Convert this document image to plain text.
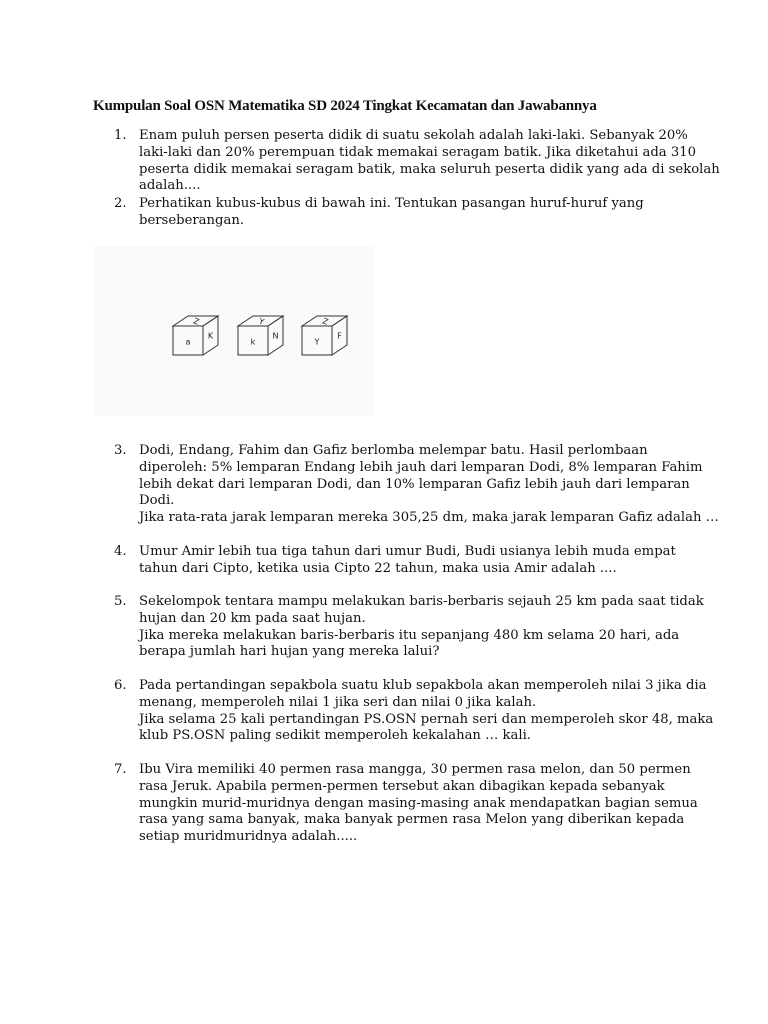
Kumpulan Soal OSN Matematika SD 2024 Tingkat Kecamatan dan Jawabannya
1. Enam puluh persen peserta didik di suatu sekolah adalah laki-laki. Sebanyak 20%
laki-laki dan 20% perempuan tidak memakai seragam batik. Jika diketahui ada 310
peserta didik memakai seragam batik, maka seluruh peserta didik yang ada di sekolah
adalah....
2. Perhatikan kubus-kubus di bawah ini. Tentukan pasangan huruf-huruf yang
berseberangan.
Z
a
K
Y
k
N
Z
Y
F
3. Dodi, Endang, Fahim dan Gafiz berlomba melempar batu. Hasil perlombaan
diperoleh: 5% lemparan Endang lebih jauh dari lemparan Dodi, 8% lemparan Fahim
lebih dekat dari lemparan Dodi, dan 10% lemparan Gafiz lebih jauh dari lemparan
Dodi.
Jika rata-rata jarak lemparan mereka 305,25 dm, maka jarak lemparan Gafiz adalah …
4. Umur Amir lebih tua tiga tahun dari umur Budi, Budi usianya lebih muda empat
tahun dari Cipto, ketika usia Cipto 22 tahun, maka usia Amir adalah ....
5. Sekelompok tentara mampu melakukan baris-berbaris sejauh 25 km pada saat tidak
hujan dan 20 km pada saat hujan.
Jika mereka melakukan baris-berbaris itu sepanjang 480 km selama 20 hari, ada
berapa jumlah hari hujan yang mereka lalui?
6. Pada pertandingan sepakbola suatu klub sepakbola akan memperoleh nilai 3 jika dia
menang, memperoleh nilai 1 jika seri dan nilai 0 jika kalah.
Jika selama 25 kali pertandingan PS.OSN pernah seri dan memperoleh skor 48, maka
klub PS.OSN paling sedikit memperoleh kekalahan … kali.
7. Ibu Vira memiliki 40 permen rasa mangga, 30 permen rasa melon, dan 50 permen
rasa Jeruk. Apabila permen-permen tersebut akan dibagikan kepada sebanyak
mungkin murid-muridnya dengan masing-masing anak mendapatkan bagian semua
rasa yang sama banyak, maka banyak permen rasa Melon yang diberikan kepada
setiap muridmuridnya adalah.....
